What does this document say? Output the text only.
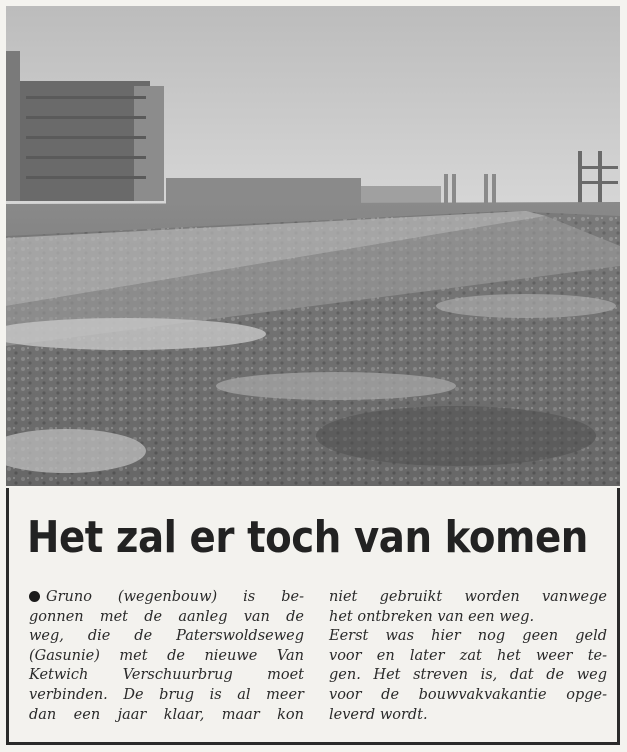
Het zal er toch van komen
Gruno (wegenbouw) is be-
gonnen met de aanleg van de
weg, die de Paterswoldseweg
(Gasunie) met de nieuwe Van
Ketwich Verschuurbrug moet
verbinden. De brug is al meer
dan een jaar klaar, maar kon
niet gebruikt worden vanwege
het ontbreken van een weg.
Eerst was hier nog geen geld
voor en later zat het weer te-
gen. Het streven is, dat de weg
voor de bouwvakvakantie opge-
leverd wordt.
